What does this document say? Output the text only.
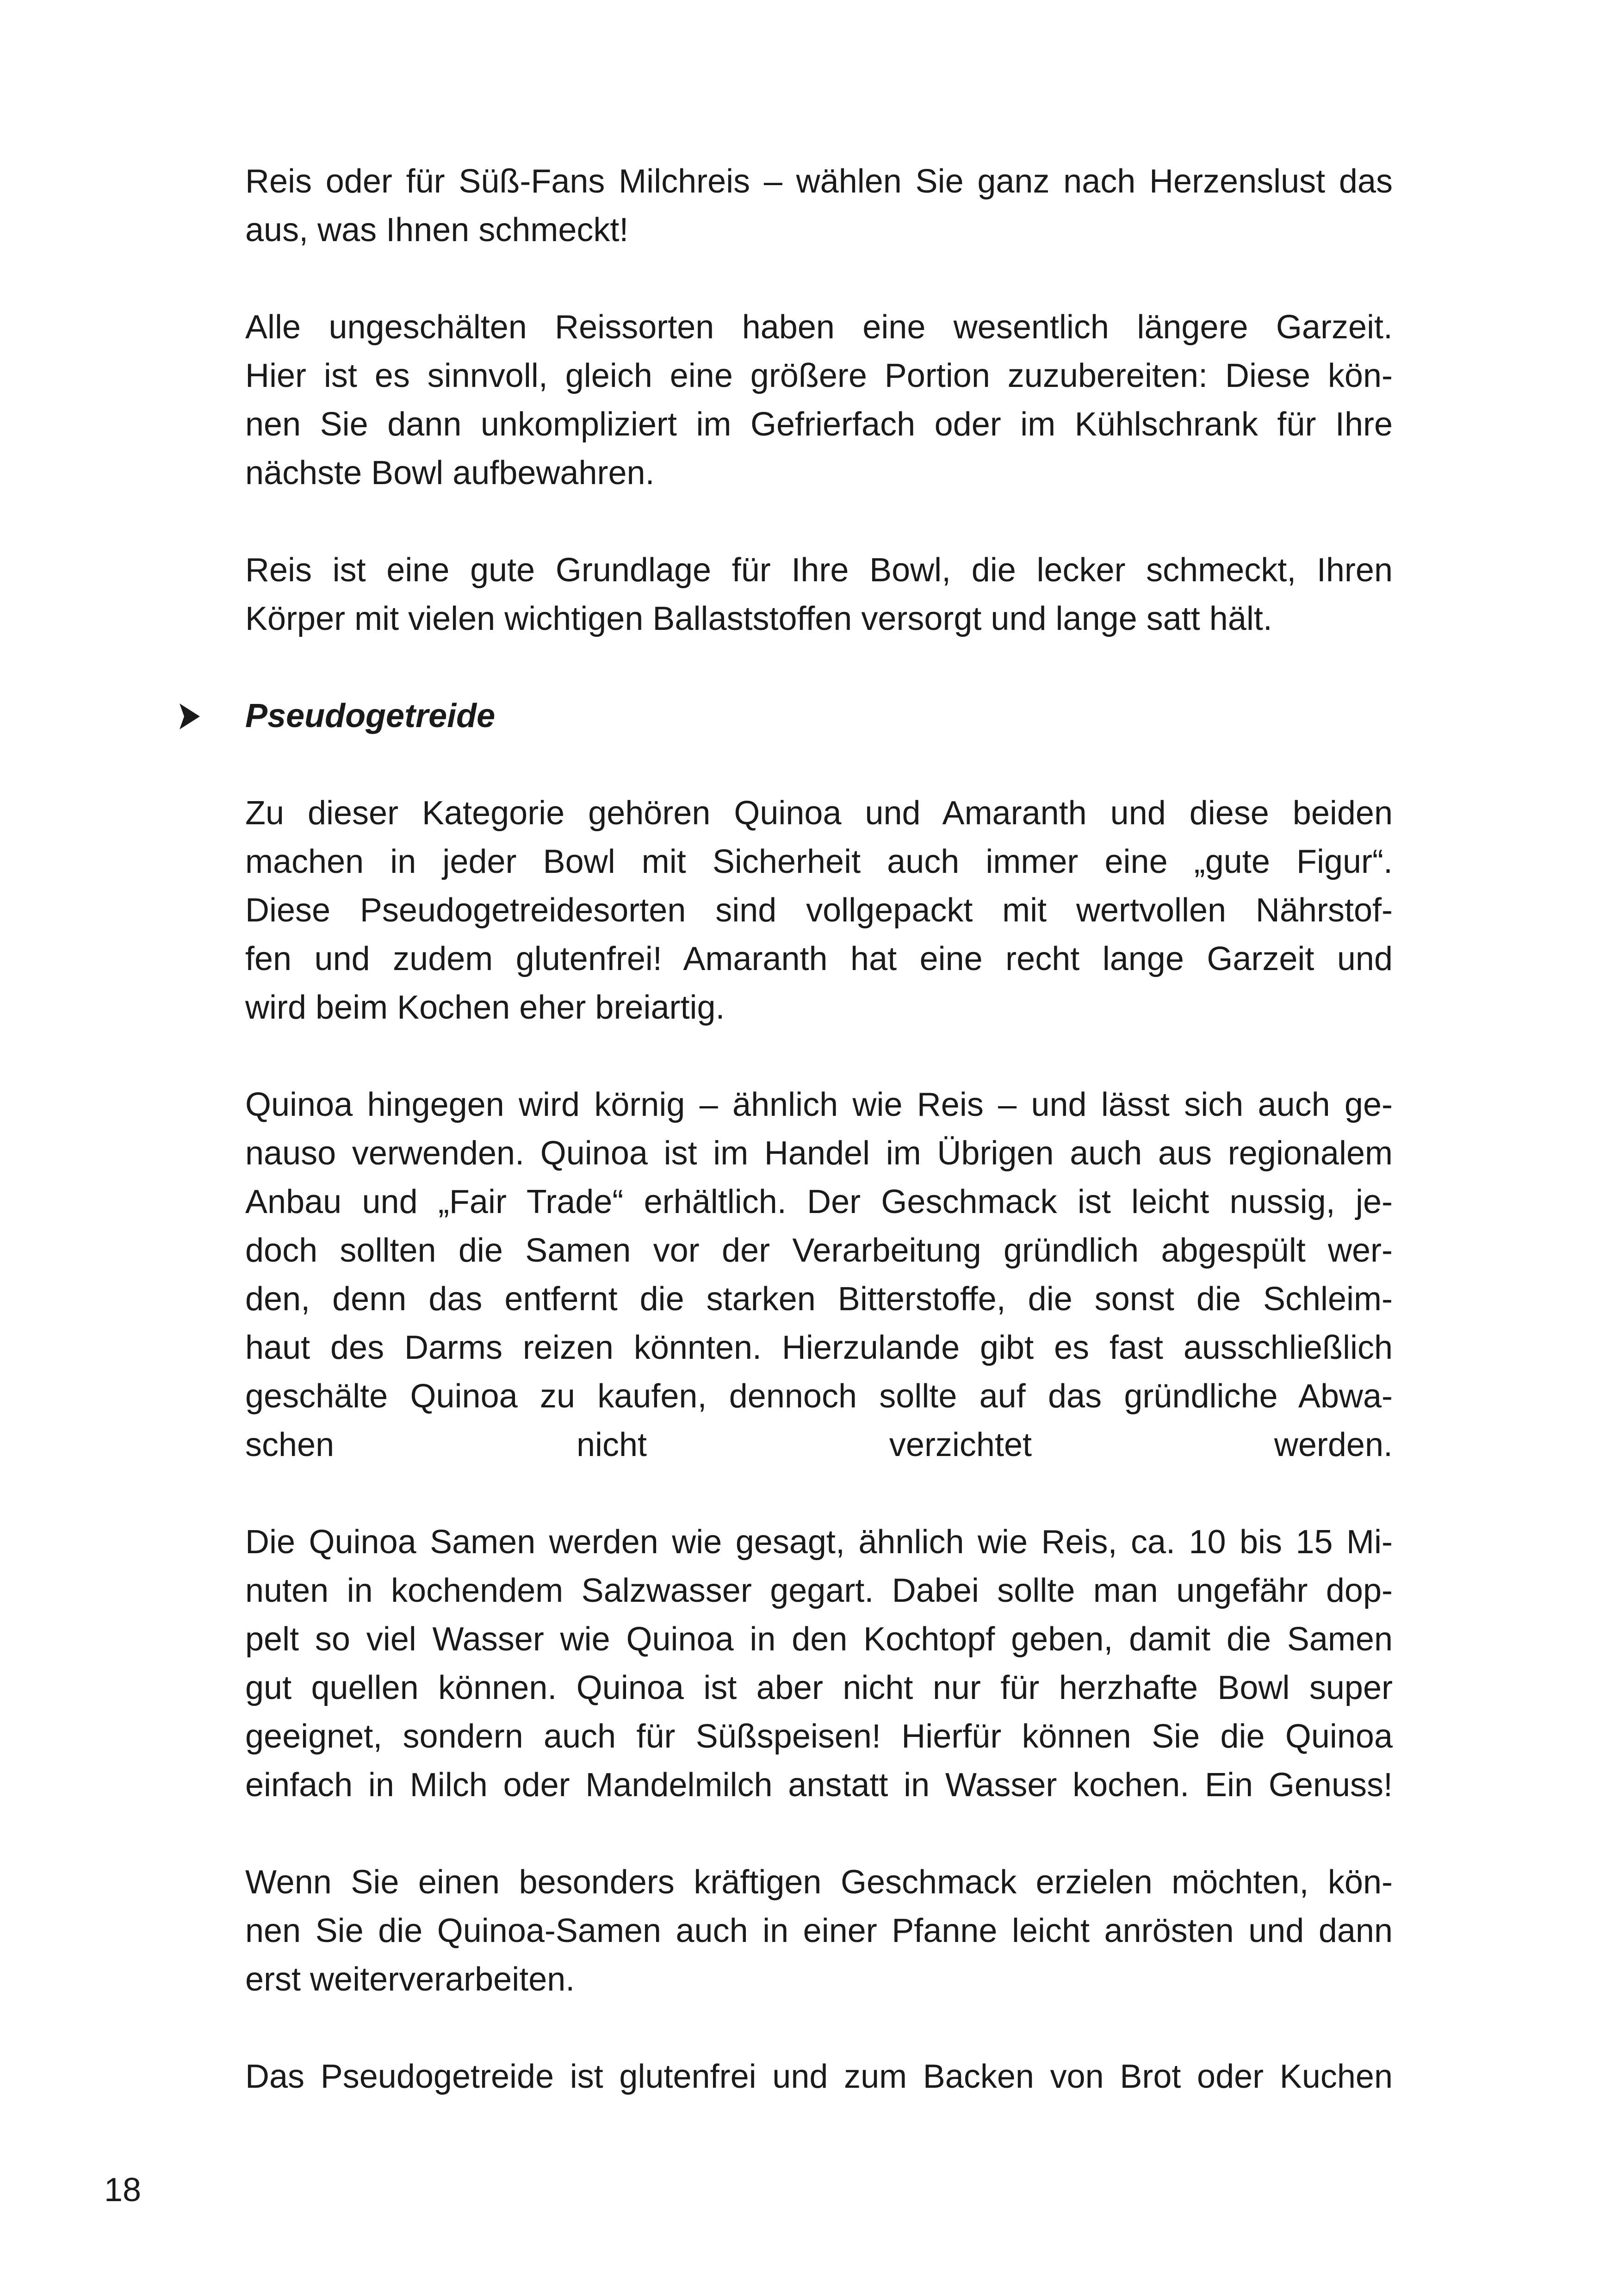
Reis oder für Süß-Fans Milchreis – wählen Sie ganz nach Herzenslust das
aus, was Ihnen schmeckt!

Alle ungeschälten Reissorten haben eine wesentlich längere Garzeit.
Hier ist es sinnvoll, gleich eine größere Portion zuzubereiten: Diese kön-
nen Sie dann unkompliziert im Gefrierfach oder im Kühlschrank für Ihre
nächste Bowl aufbewahren.

Reis ist eine gute Grundlage für Ihre Bowl, die lecker schmeckt, Ihren
Körper mit vielen wichtigen Ballaststoffen versorgt und lange satt hält.

Pseudogetreide

Zu dieser Kategorie gehören Quinoa und Amaranth und diese beiden
machen in jeder Bowl mit Sicherheit auch immer eine „gute Figur“.
Diese Pseudogetreidesorten sind vollgepackt mit wertvollen Nährstof-
fen und zudem glutenfrei! Amaranth hat eine recht lange Garzeit und
wird beim Kochen eher breiartig.

Quinoa hingegen wird körnig – ähnlich wie Reis – und lässt sich auch ge-
nauso verwenden. Quinoa ist im Handel im Übrigen auch aus regionalem
Anbau und „Fair Trade“ erhältlich. Der Geschmack ist leicht nussig, je-
doch sollten die Samen vor der Verarbeitung gründlich abgespült wer-
den, denn das entfernt die starken Bitterstoffe, die sonst die Schleim-
haut des Darms reizen könnten. Hierzulande gibt es fast ausschließlich
geschälte Quinoa zu kaufen, dennoch sollte auf das gründliche Abwa-
schen nicht verzichtet werden.

Die Quinoa Samen werden wie gesagt, ähnlich wie Reis, ca. 10 bis 15 Mi-
nuten in kochendem Salzwasser gegart. Dabei sollte man ungefähr dop-
pelt so viel Wasser wie Quinoa in den Kochtopf geben, damit die Samen
gut quellen können. Quinoa ist aber nicht nur für herzhafte Bowl super
geeignet, sondern auch für Süßspeisen! Hierfür können Sie die Quinoa
einfach in Milch oder Mandelmilch anstatt in Wasser kochen. Ein Genuss!

Wenn Sie einen besonders kräftigen Geschmack erzielen möchten, kön-
nen Sie die Quinoa-Samen auch in einer Pfanne leicht anrösten und dann
erst weiterverarbeiten.

Das Pseudogetreide ist glutenfrei und zum Backen von Brot oder Kuchen

18
